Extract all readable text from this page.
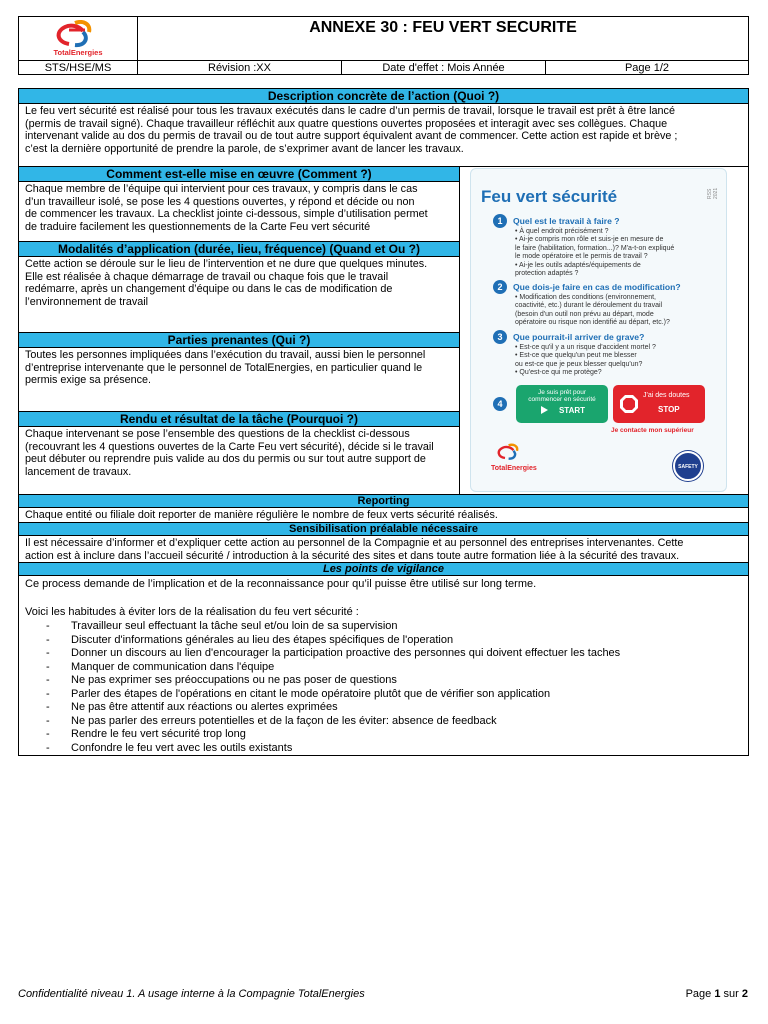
TotalEnergies
ANNEXE 30 : FEU VERT SECURITE
STS/HSE/MS	Révision :XX	Date d'effet : Mois Année	Page 1/2
Description concrète de l’action (Quoi ?)
Le feu vert sécurité est réalisé pour tous les travaux exécutés dans le cadre d’un permis de travail, lorsque le travail est prêt à être lancé
(permis de travail signé). Chaque travailleur réfléchit aux quatre questions ouvertes proposées et interagit avec ses collègues. Chaque
intervenant valide au dos du permis de travail ou de tout autre support équivalent avant de commencer. Cette action est rapide et brève ;
c’est la dernière opportunité de prendre la parole, de s’exprimer avant de lancer les travaux.
Comment est-elle mise en œuvre (Comment ?)
Chaque membre de l’équipe qui intervient pour ces travaux, y compris dans le cas
d’un travailleur isolé, se pose les 4 questions ouvertes, y répond et décide ou non
de commencer les travaux. La checklist jointe ci-dessous, simple d’utilisation permet
de traduire facilement les questionnements de la Carte Feu vert sécurité
Modalités d’application (durée, lieu, fréquence) (Quand et Ou ?)
Cette action se déroule sur le lieu de l’intervention et ne dure que quelques minutes.
Elle est réalisée à chaque démarrage de travail ou chaque fois que le travail
redémarre, après un changement d’équipe ou dans le cas de modification de
l’environnement de travail
Parties prenantes (Qui ?)
Toutes les personnes impliquées dans l’exécution du travail, aussi bien le personnel
d’entreprise intervenante que le personnel de TotalEnergies, en particulier quand le
permis exige sa présence.
Rendu et résultat de la tâche (Pourquoi ?)
Chaque intervenant se pose l’ensemble des questions de la checklist ci-dessous
(recouvrant les 4 questions ouvertes de la Carte Feu vert sécurité), décide si le travail
peut débuter ou reprendre puis valide au dos du permis ou sur tout autre support de
lancement de travaux.
Feu vert sécurité	RSS 2021
1	Quel est le travail à faire ?
• À quel endroit précisément ?
• Ai-je compris mon rôle et suis-je en mesure de
le faire (habilitation, formation...)? M'a-t-on expliqué
le mode opératoire et le permis de travail ?
• Ai-je les outils adaptés/équipements de
protection adaptés ?
2	Que dois-je faire en cas de modification?
• Modification des conditions (environnement,
coactivité, etc.) durant le déroulement du travail
(besoin d'un outil non prévu au départ, mode
opératoire ou risque non identifié au départ, etc.)?
3	Que pourrait-il arriver de grave?
• Est-ce qu'il y a un risque d'accident mortel ?
• Est-ce que quelqu'un peut me blesser
ou est-ce que je peux blesser quelqu'un?
• Qu'est-ce qui me protège?
4
Je suis prêt pour
commencer en sécurité
START
J'ai des doutes
STOP
Je contacte mon supérieur
TotalEnergies	SAFETY
Reporting
Chaque entité ou filiale doit reporter de manière régulière le nombre de feux verts sécurité réalisés.
Sensibilisation préalable nécessaire
Il est nécessaire d’informer et d’expliquer cette action au personnel de la Compagnie et au personnel des entreprises intervenantes. Cette
action est à inclure dans l’accueil sécurité / introduction à la sécurité des sites et dans toute autre formation liée à la sécurité des travaux.
Les points de vigilance
Ce process demande de l’implication et de la reconnaissance pour qu’il puisse être utilisé sur long terme.
Voici les habitudes à éviter lors de la réalisation du feu vert sécurité :
- Travailleur seul effectuant la tâche seul et/ou loin de sa supervision
- Discuter d'informations générales au lieu des étapes spécifiques de l'operation
- Donner un discours au lien d'encourager la participation proactive des personnes qui doivent effectuer les taches
- Manquer de communication dans l'équipe
- Ne pas exprimer ses préoccupations ou ne pas poser de questions
- Parler des étapes de l'opérations en citant le mode opératoire plutôt que de vérifier son application
- Ne pas être attentif aux réactions ou alertes exprimées
- Ne pas parler des erreurs potentielles et de la façon de les éviter: absence de feedback
- Rendre le feu vert sécurité trop long
- Confondre le feu vert avec les outils existants
Confidentialité niveau 1. A usage interne à la Compagnie TotalEnergies	Page 1 sur 2
